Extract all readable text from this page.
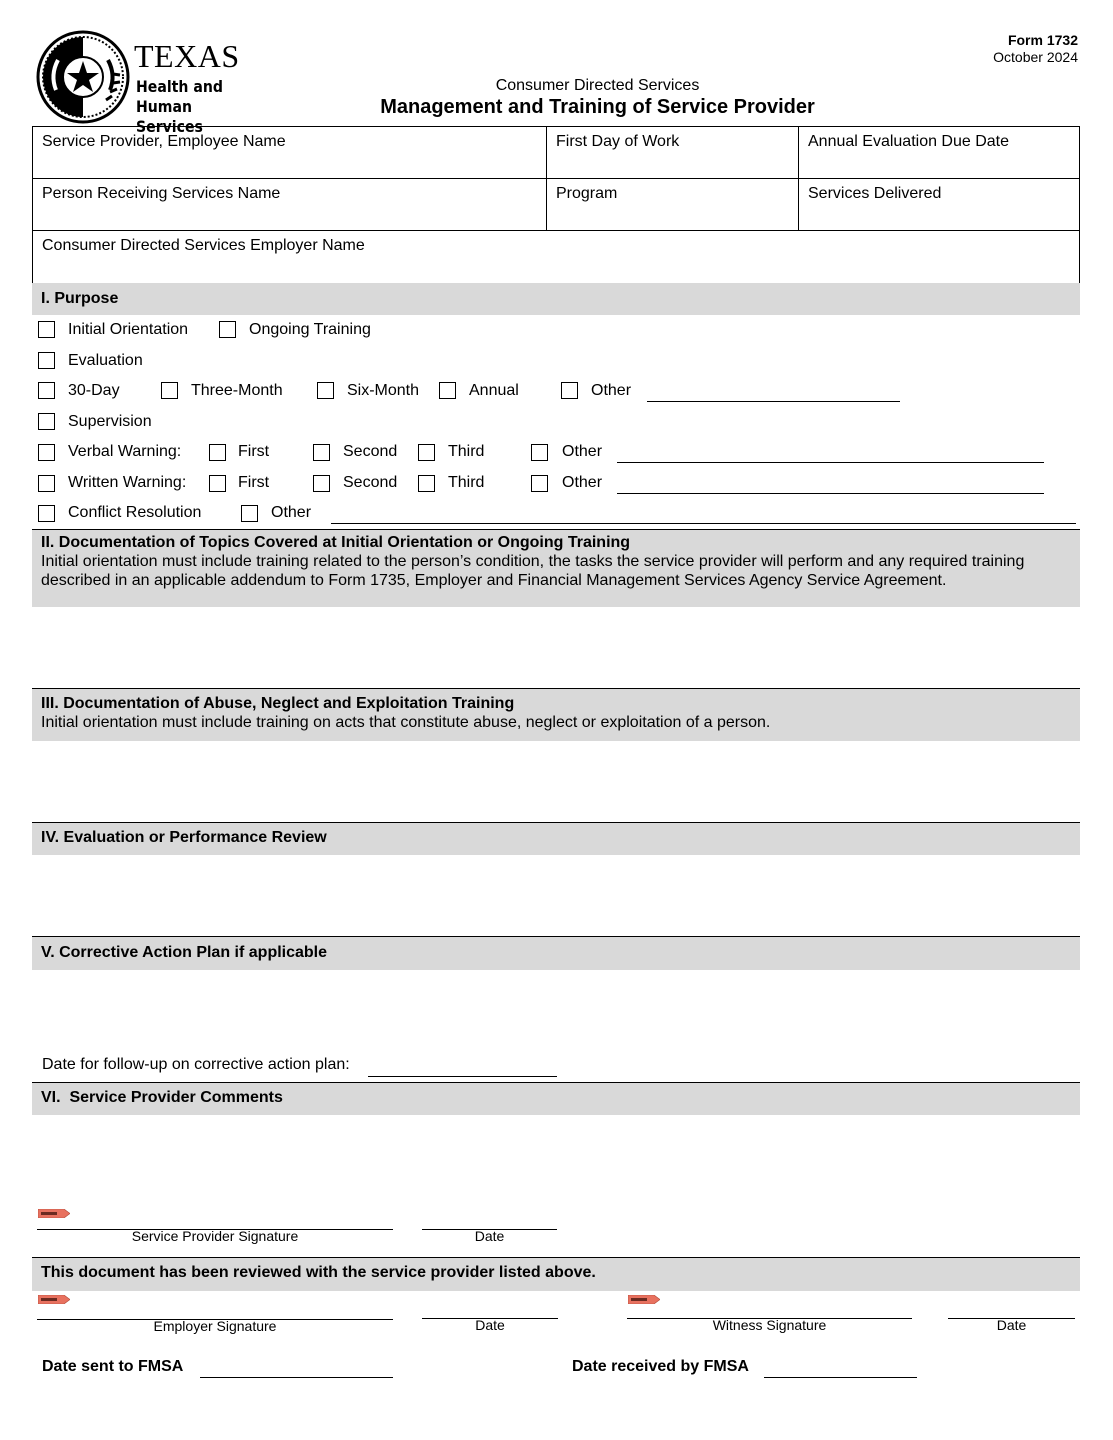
TEXAS
Health and Human
Services
Form 1732
October 2024
Consumer Directed Services
Management and Training of Service Provider
Service Provider, Employee Name	First Day of Work	Annual Evaluation Due Date
Person Receiving Services Name	Program	Services Delivered
Consumer Directed Services Employer Name
I. Purpose
Initial Orientation	Ongoing Training
Evaluation
30-Day	Three-Month	Six-Month	Annual	Other
Supervision
Verbal Warning:	First	Second	Third	Other
Written Warning:	First	Second	Third	Other
Conflict Resolution	Other
II. Documentation of Topics Covered at Initial Orientation or Ongoing Training
Initial orientation must include training related to the person’s condition, the tasks the service provider will perform and any required training
described in an applicable addendum to Form 1735, Employer and Financial Management Services Agency Service Agreement.
III. Documentation of Abuse, Neglect and Exploitation Training
Initial orientation must include training on acts that constitute abuse, neglect or exploitation of a person.
IV. Evaluation or Performance Review
V. Corrective Action Plan if applicable
Date for follow-up on corrective action plan:
VI.  Service Provider Comments
Service Provider Signature	Date
This document has been reviewed with the service provider listed above.
Employer Signature	Date	Witness Signature	Date
Date sent to FMSA	Date received by FMSA
